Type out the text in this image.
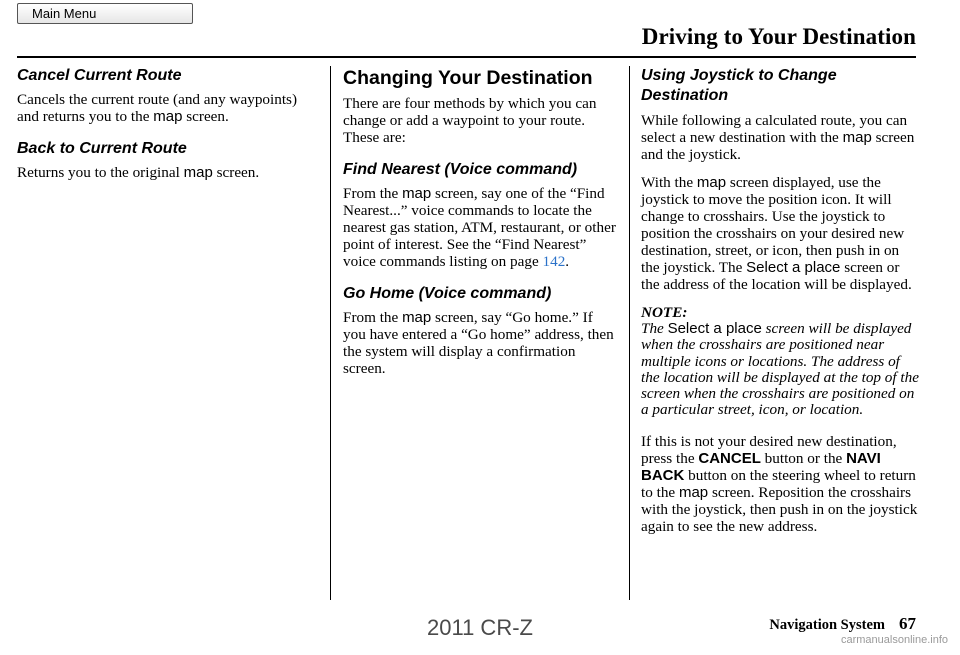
Main Menu
Driving to Your Destination
Cancel Current Route

Cancels the current route (and any waypoints) and returns you to the map screen.

Back to Current Route

Returns you to the original map screen.

Changing Your Destination

There are four methods by which you can change or add a waypoint to your route. These are:

Find Nearest (Voice command)

From the map screen, say one of the “Find Nearest...” voice commands to locate the nearest gas station, ATM, restaurant, or other point of interest. See the “Find Nearest” voice commands listing on page 142.

Go Home (Voice command)

From the map screen, say “Go home.” If you have entered a “Go home” address, then the system will display a confirmation screen.

Using Joystick to Change
Destination

While following a calculated route, you can select a new destination with the map screen and the joystick.

With the map screen displayed, use the joystick to move the position icon. It will change to crosshairs. Use the joystick to position the crosshairs on your desired new destination, street, or icon, then push in on the joystick. The Select a place screen or the address of the location will be displayed.

NOTE:

The Select a place screen will be displayed when the crosshairs are positioned near multiple icons or locations. The address of the location will be displayed at the top of the screen when the crosshairs are positioned on a particular street, icon, or location.

If this is not your desired new destination, press the CANCEL button or the NAVI BACK button on the steering wheel to return to the map screen. Reposition the crosshairs with the joystick, then push in on the joystick again to see the new address.

2011 CR-Z	Navigation System 67
carmanualsonline.info
